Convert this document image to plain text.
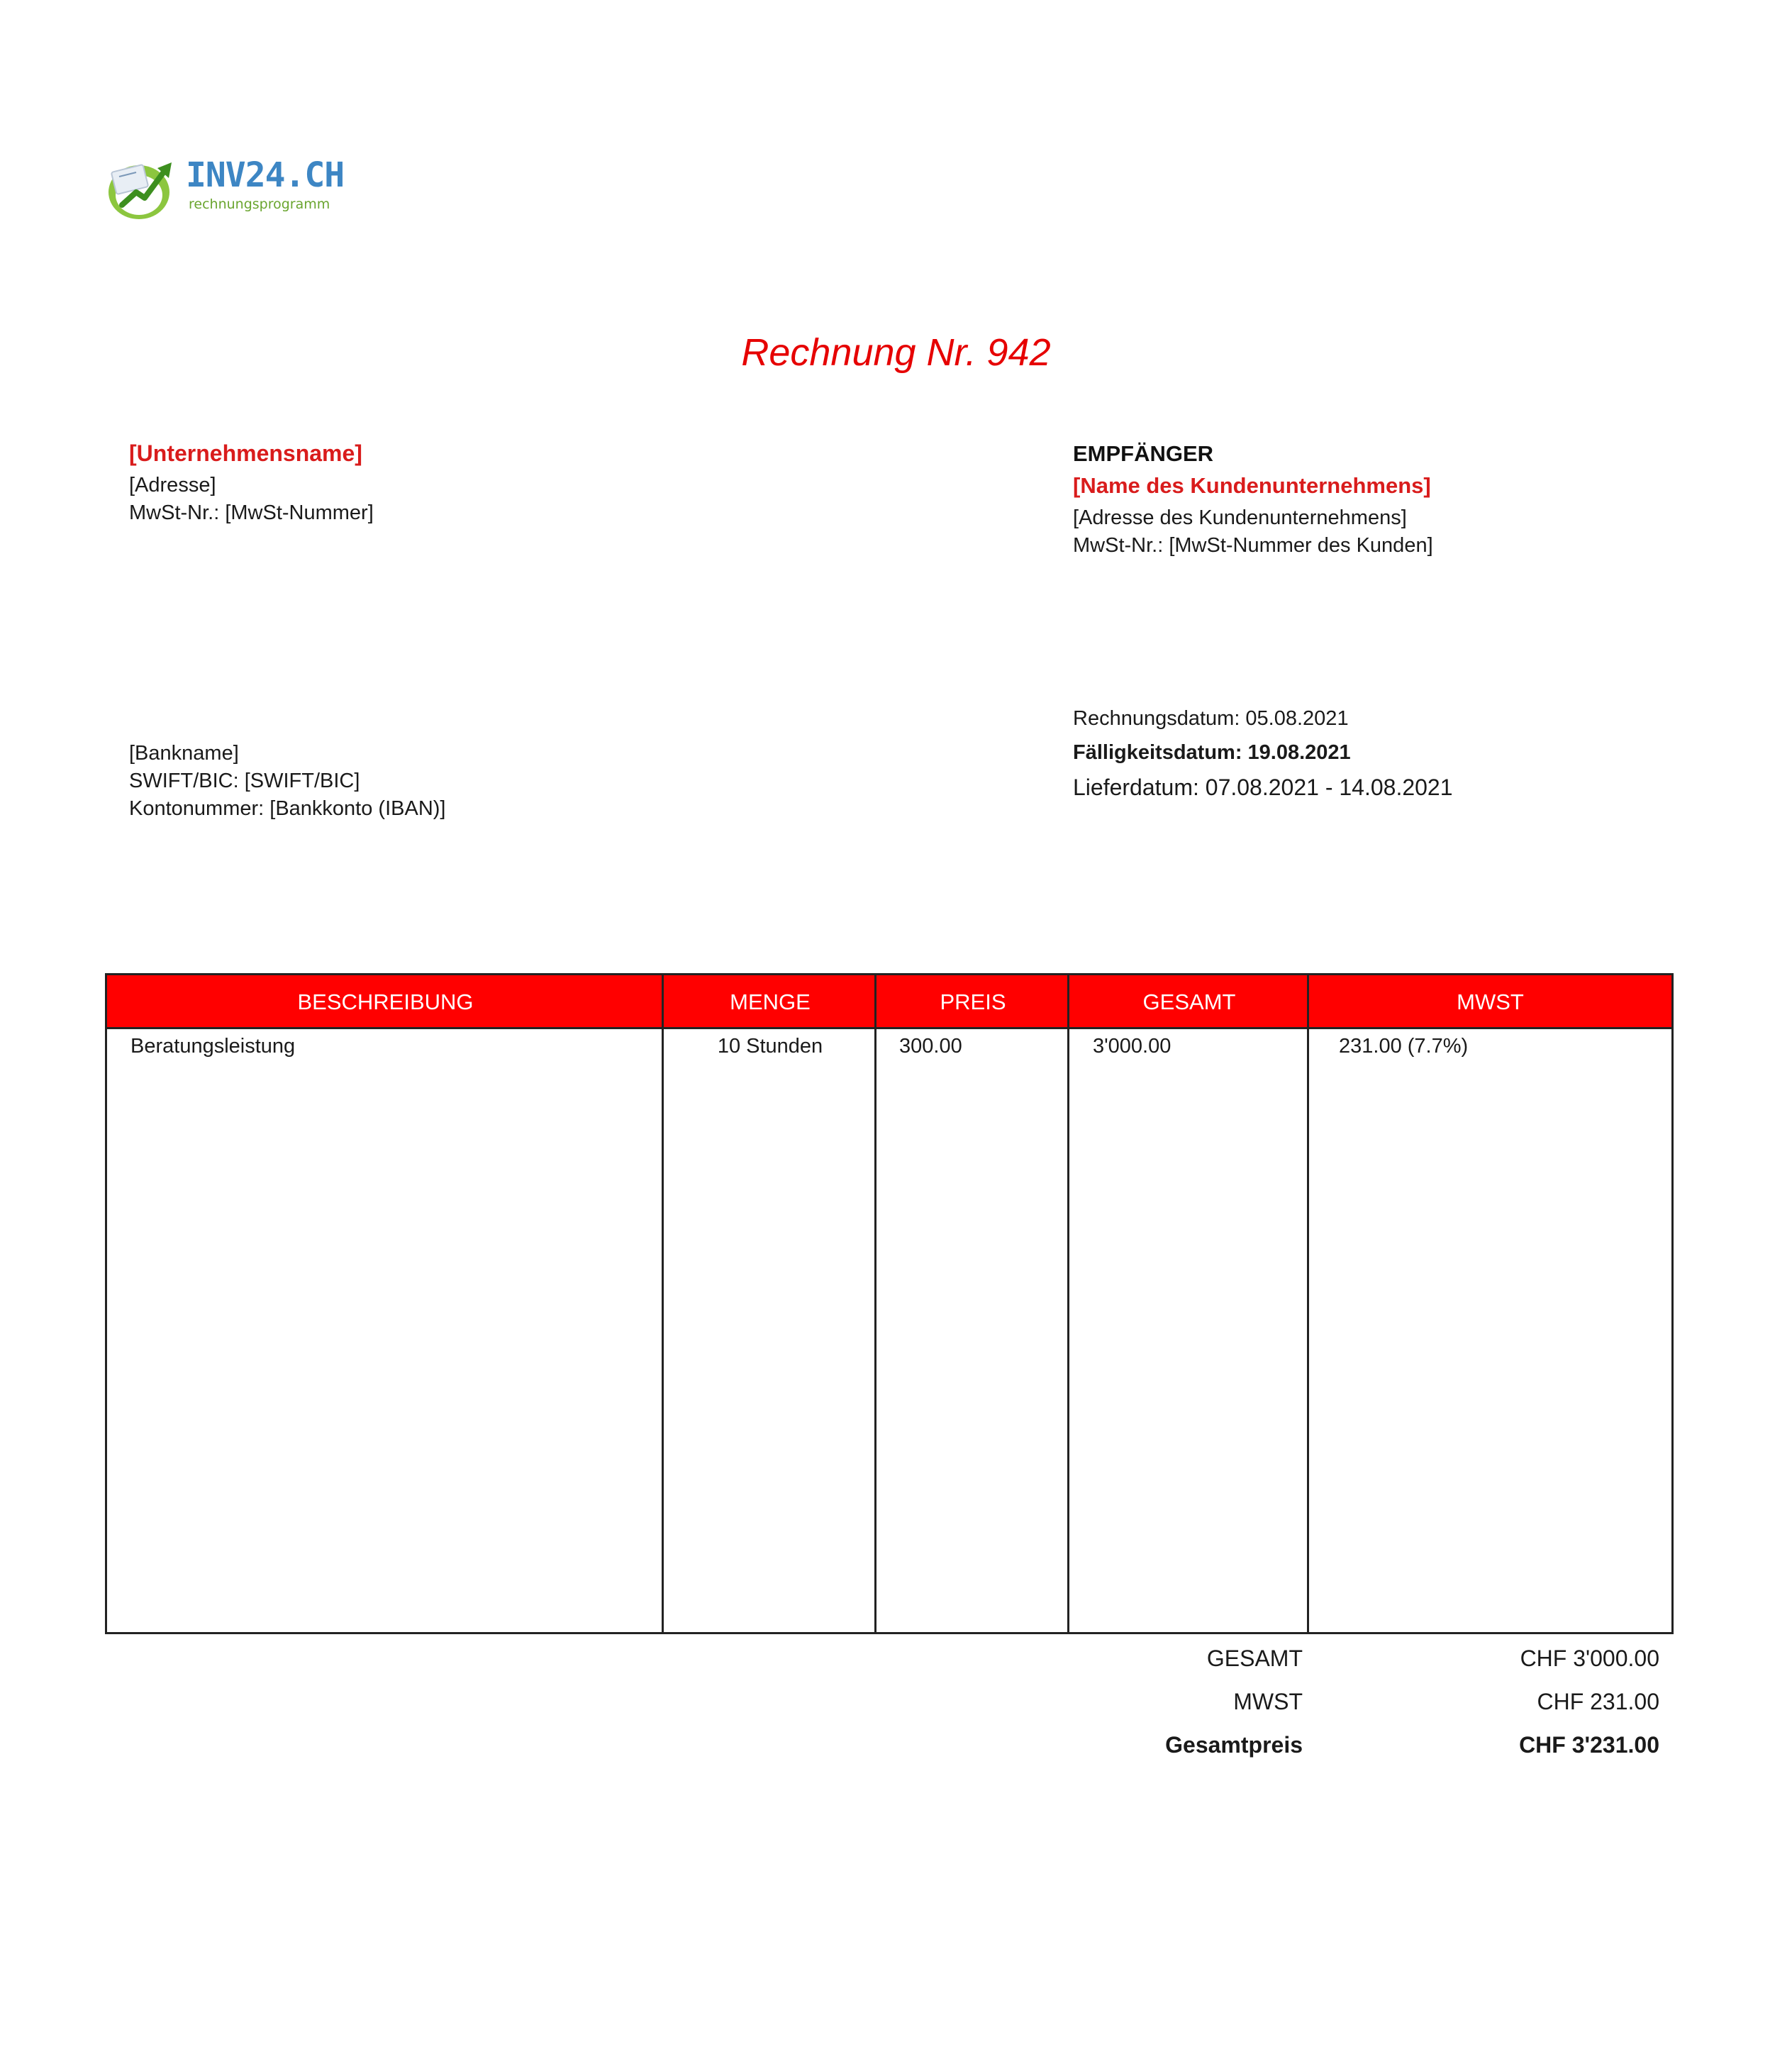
INV24.CH
rechnungsprogramm
Rechnung Nr. 942
[Unternehmensname]
[Adresse]
MwSt-Nr.: [MwSt-Nummer]
EMPFÄNGER
[Name des Kundenunternehmens]
[Adresse des Kundenunternehmens]
MwSt-Nr.: [MwSt-Nummer des Kunden]
[Bankname]
SWIFT/BIC: [SWIFT/BIC]
Kontonummer: [Bankkonto (IBAN)]
Rechnungsdatum: 05.08.2021
Fälligkeitsdatum: 19.08.2021
Lieferdatum: 07.08.2021 - 14.08.2021
BESCHREIBUNG	MENGE	PREIS	GESAMT	MWST
Beratungsleistung	10 Stunden	300.00	3'000.00	231.00 (7.7%)
GESAMT	CHF 3'000.00
MWST	CHF 231.00
Gesamtpreis	CHF 3'231.00
